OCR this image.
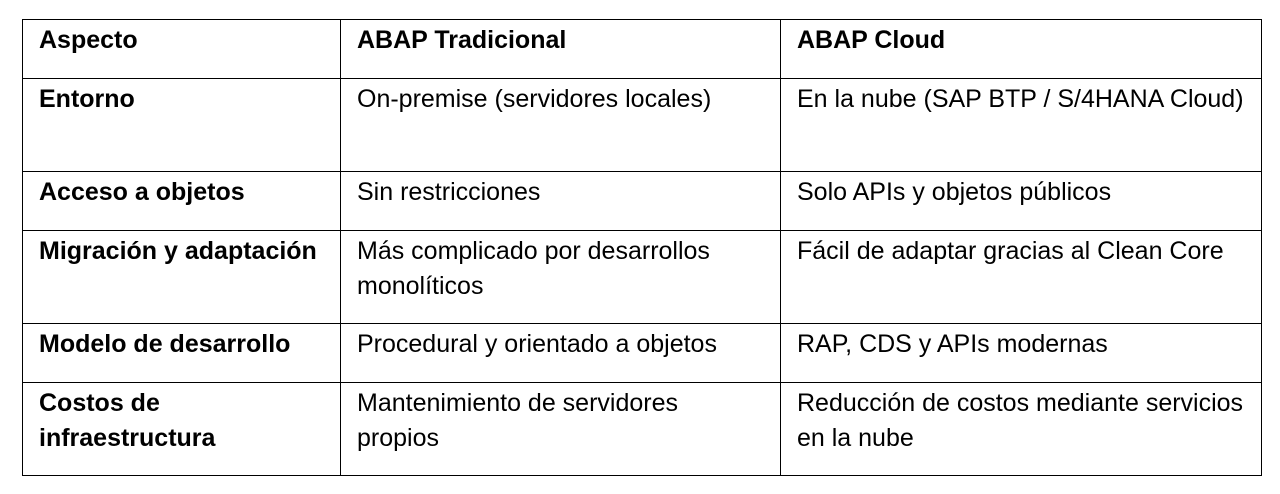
Aspecto	ABAP Tradicional	ABAP Cloud
Entorno	On-premise (servidores locales)	En la nube (SAP BTP / S/4HANA Cloud)
Acceso a objetos	Sin restricciones	Solo APIs y objetos públicos
Migración y adaptación	Más complicado por desarrollos monolíticos	Fácil de adaptar gracias al Clean Core
Modelo de desarrollo	Procedural y orientado a objetos	RAP, CDS y APIs modernas
Costos de infraestructura	Mantenimiento de servidores propios	Reducción de costos mediante servicios en la nube
